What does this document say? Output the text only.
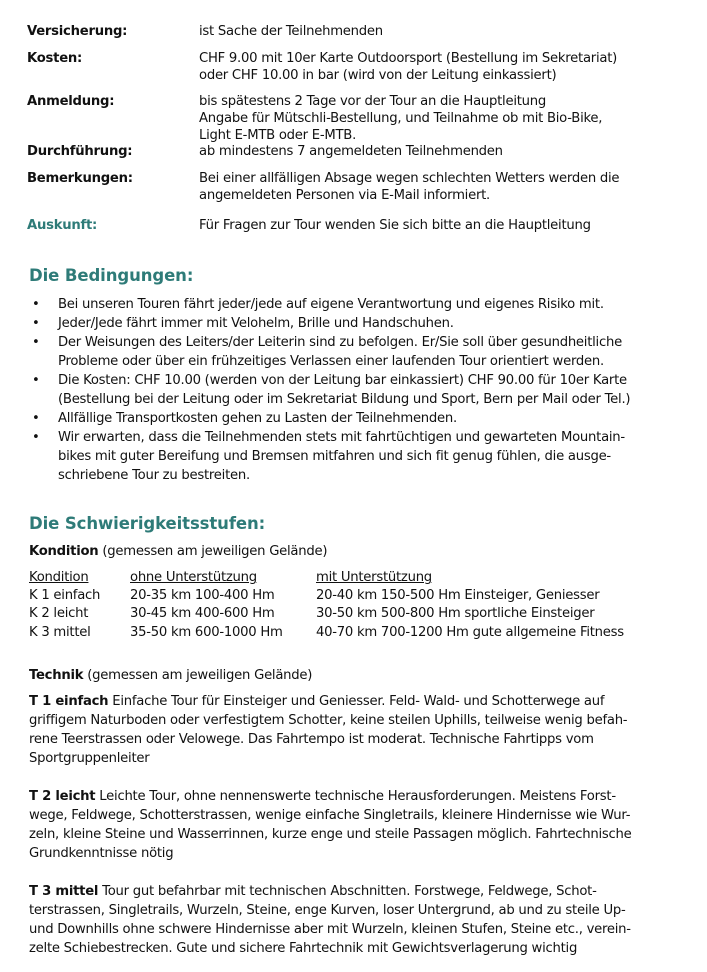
Versicherung:	ist Sache der Teilnehmenden
Kosten:	CHF 9.00 mit 10er Karte Outdoorsport (Bestellung im Sekretariat)
oder CHF 10.00 in bar (wird von der Leitung einkassiert)
Anmeldung:	bis spätestens 2 Tage vor der Tour an die Hauptleitung
Angabe für Mütschli-Bestellung, und Teilnahme ob mit Bio-Bike,
Light E-MTB oder E-MTB.
Durchführung:	ab mindestens 7 angemeldeten Teilnehmenden
Bemerkungen:	Bei einer allfälligen Absage wegen schlechten Wetters werden die
angemeldeten Personen via E-Mail informiert.
Auskunft:	Für Fragen zur Tour wenden Sie sich bitte an die Hauptleitung
Die Bedingungen:
• Bei unseren Touren fährt jeder/jede auf eigene Verantwortung und eigenes Risiko mit.
• Jeder/Jede fährt immer mit Velohelm, Brille und Handschuhen.
• Der Weisungen des Leiters/der Leiterin sind zu befolgen. Er/Sie soll über gesundheitliche
Probleme oder über ein frühzeitiges Verlassen einer laufenden Tour orientiert werden.
• Die Kosten: CHF 10.00 (werden von der Leitung bar einkassiert) CHF 90.00 für 10er Karte
(Bestellung bei der Leitung oder im Sekretariat Bildung und Sport, Bern per Mail oder Tel.)
• Allfällige Transportkosten gehen zu Lasten der Teilnehmenden.
• Wir erwarten, dass die Teilnehmenden stets mit fahrtüchtigen und gewarteten Mountain-
bikes mit guter Bereifung und Bremsen mitfahren und sich fit genug fühlen, die ausge-
schriebene Tour zu bestreiten.
Die Schwierigkeitsstufen:
Kondition (gemessen am jeweiligen Gelände)
Kondition	ohne Unterstützung	mit Unterstützung
K 1 einfach 20-35 km 100-400 Hm	20-40 km 150-500 Hm Einsteiger, Geniesser
K 2 leicht	30-45 km 400-600 Hm	30-50 km 500-800 Hm sportliche Einsteiger
K 3 mittel	35-50 km 600-1000 Hm	40-70 km 700-1200 Hm gute allgemeine Fitness
Technik (gemessen am jeweiligen Gelände)
T 1 einfach Einfache Tour für Einsteiger und Geniesser. Feld- Wald- und Schotterwege auf
griffigem Naturboden oder verfestigtem Schotter, keine steilen Uphills, teilweise wenig befah-
rene Teerstrassen oder Velowege. Das Fahrtempo ist moderat. Technische Fahrtipps vom
Sportgruppenleiter
T 2 leicht Leichte Tour, ohne nennenswerte technische Herausforderungen. Meistens Forst-
wege, Feldwege, Schotterstrassen, wenige einfache Singletrails, kleinere Hindernisse wie Wur-
zeln, kleine Steine und Wasserrinnen, kurze enge und steile Passagen möglich. Fahrtechnische
Grundkenntnisse nötig
T 3 mittel Tour gut befahrbar mit technischen Abschnitten. Forstwege, Feldwege, Schot-
terstrassen, Singletrails, Wurzeln, Steine, enge Kurven, loser Untergrund, ab und zu steile Up-
und Downhills ohne schwere Hindernisse aber mit Wurzeln, kleinen Stufen, Steine etc., verein-
zelte Schiebestrecken. Gute und sichere Fahrtechnik mit Gewichtsverlagerung wichtig
